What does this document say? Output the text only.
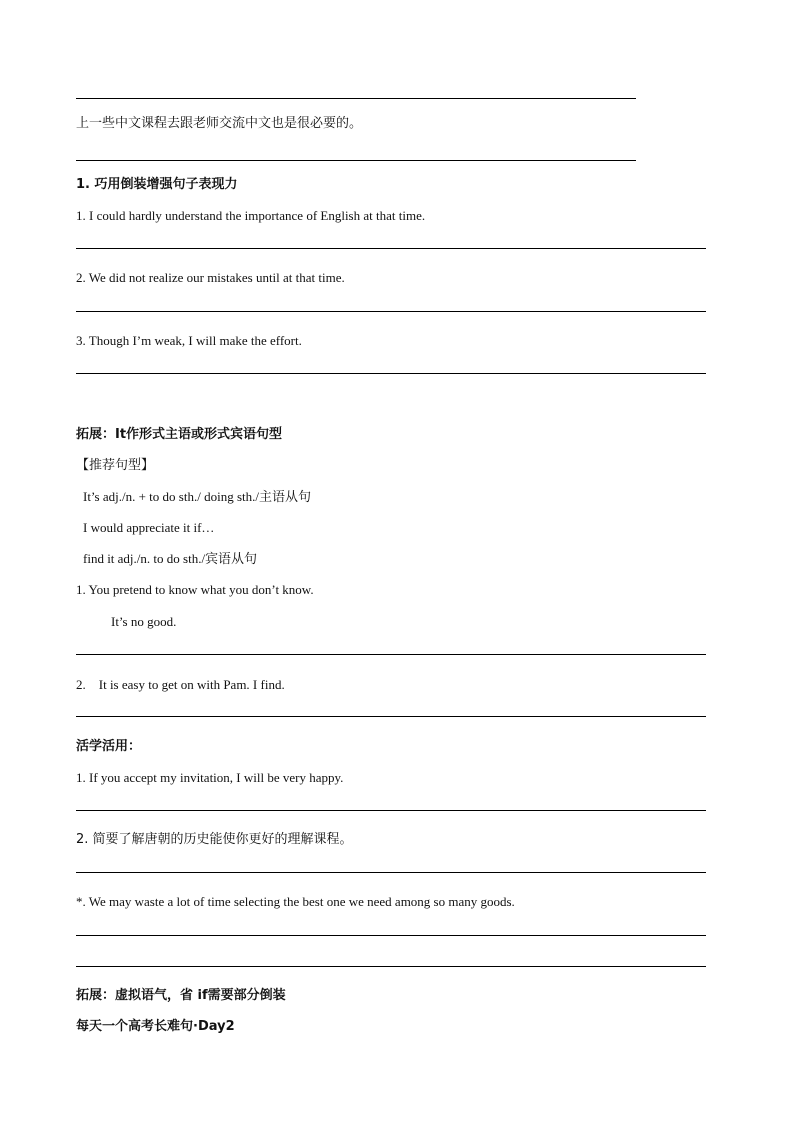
上一些中文课程去跟老师交流中文也是很必要的。
1. 巧用倒装增强句子表现力
1. I could hardly understand the importance of English at that time.
2. We did not realize our mistakes until at that time.
3. Though I’m weak, I will make the effort.
拓展：It作形式主语或形式宾语句型
【推荐句型】
It’s adj./n. + to do sth./ doing sth./主语从句
I would appreciate it if…
find it adj./n. to do sth./宾语从句
1. You pretend to know what you don’t know.
It’s no good.
2.    It is easy to get on with Pam. I find.
活学活用：
1. If you accept my invitation, I will be very happy.
2. 简要了解唐朝的历史能使你更好的理解课程。
*. We may waste a lot of time selecting the best one we need among so many goods.
拓展：虚拟语气，省 if需要部分倒装
每天一个高考长难句·Day2
